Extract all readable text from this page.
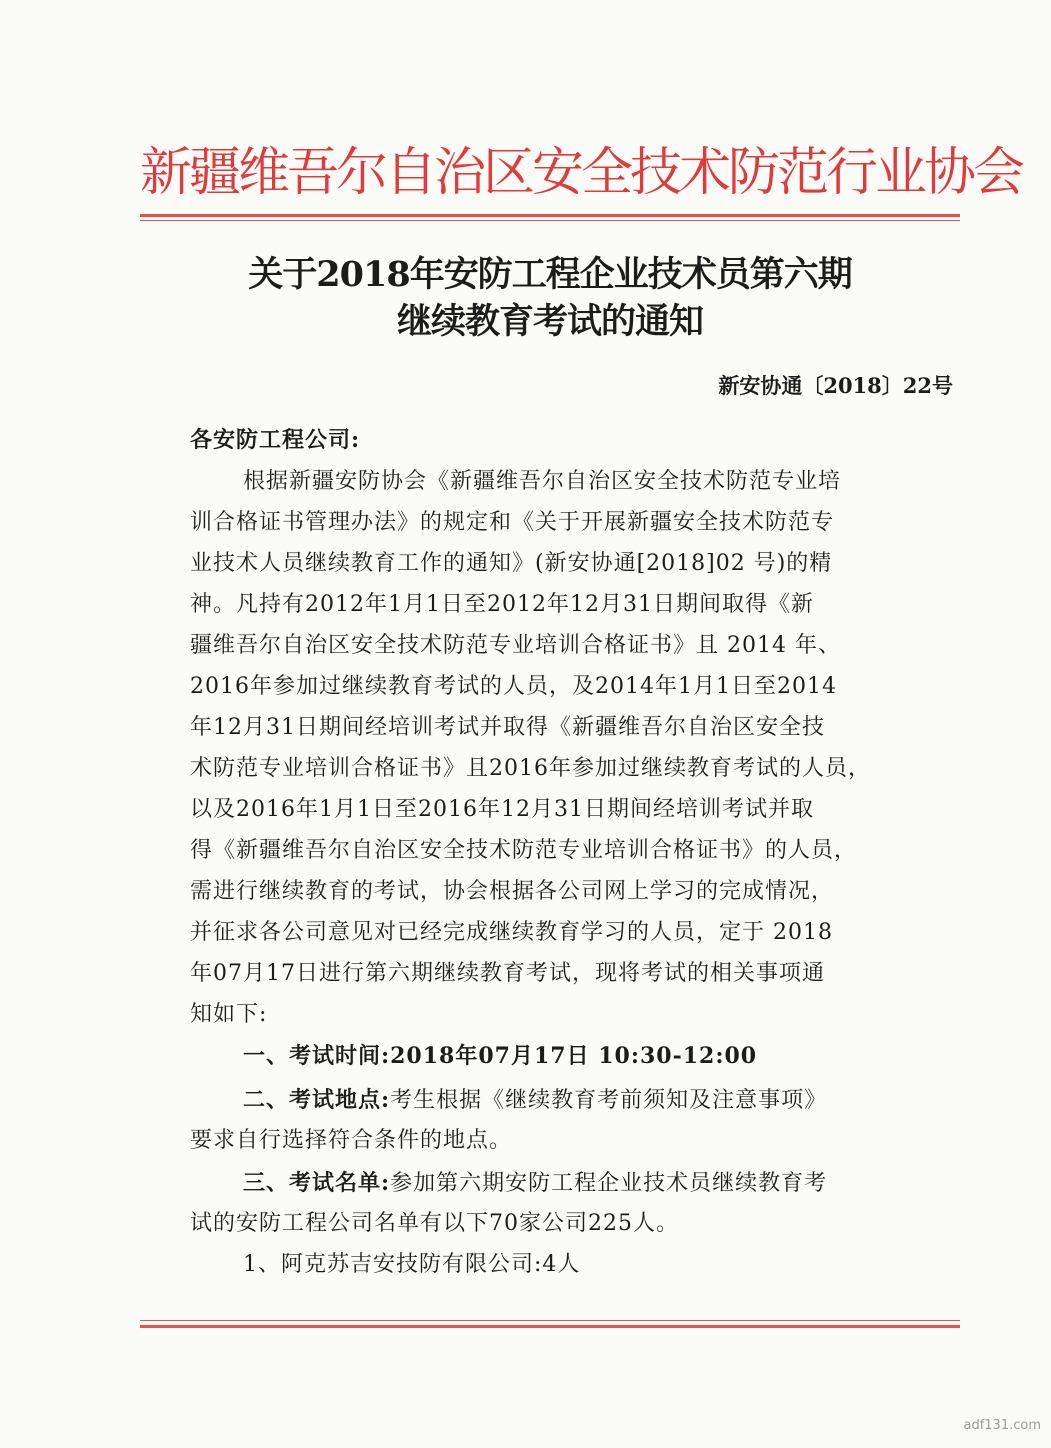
新疆维吾尔自治区安全技术防范行业协会
关于2018年安防工程企业技术员第六期
继续教育考试的通知
新安协通〔2018〕22号
各安防工程公司:
根据新疆安防协会《新疆维吾尔自治区安全技术防范专业培
训合格证书管理办法》的规定和《关于开展新疆安全技术防范专
业技术人员继续教育工作的通知》(新安协通[2018]02 号)的精
神。凡持有2012年1月1日至2012年12月31日期间取得《新
疆维吾尔自治区安全技术防范专业培训合格证书》且 2014 年、
2016年参加过继续教育考试的人员，及2014年1月1日至2014
年12月31日期间经培训考试并取得《新疆维吾尔自治区安全技
术防范专业培训合格证书》且2016年参加过继续教育考试的人员，
以及2016年1月1日至2016年12月31日期间经培训考试并取
得《新疆维吾尔自治区安全技术防范专业培训合格证书》的人员，
需进行继续教育的考试，协会根据各公司网上学习的完成情况，
并征求各公司意见对已经完成继续教育学习的人员，定于 2018
年07月17日进行第六期继续教育考试，现将考试的相关事项通
知如下:
一、考试时间:2018年07月17日 10:30-12:00
二、考试地点:考生根据《继续教育考前须知及注意事项》
要求自行选择符合条件的地点。
三、考试名单:参加第六期安防工程企业技术员继续教育考
试的安防工程公司名单有以下70家公司225人。
1、阿克苏吉安技防有限公司:4人
adf131.com
